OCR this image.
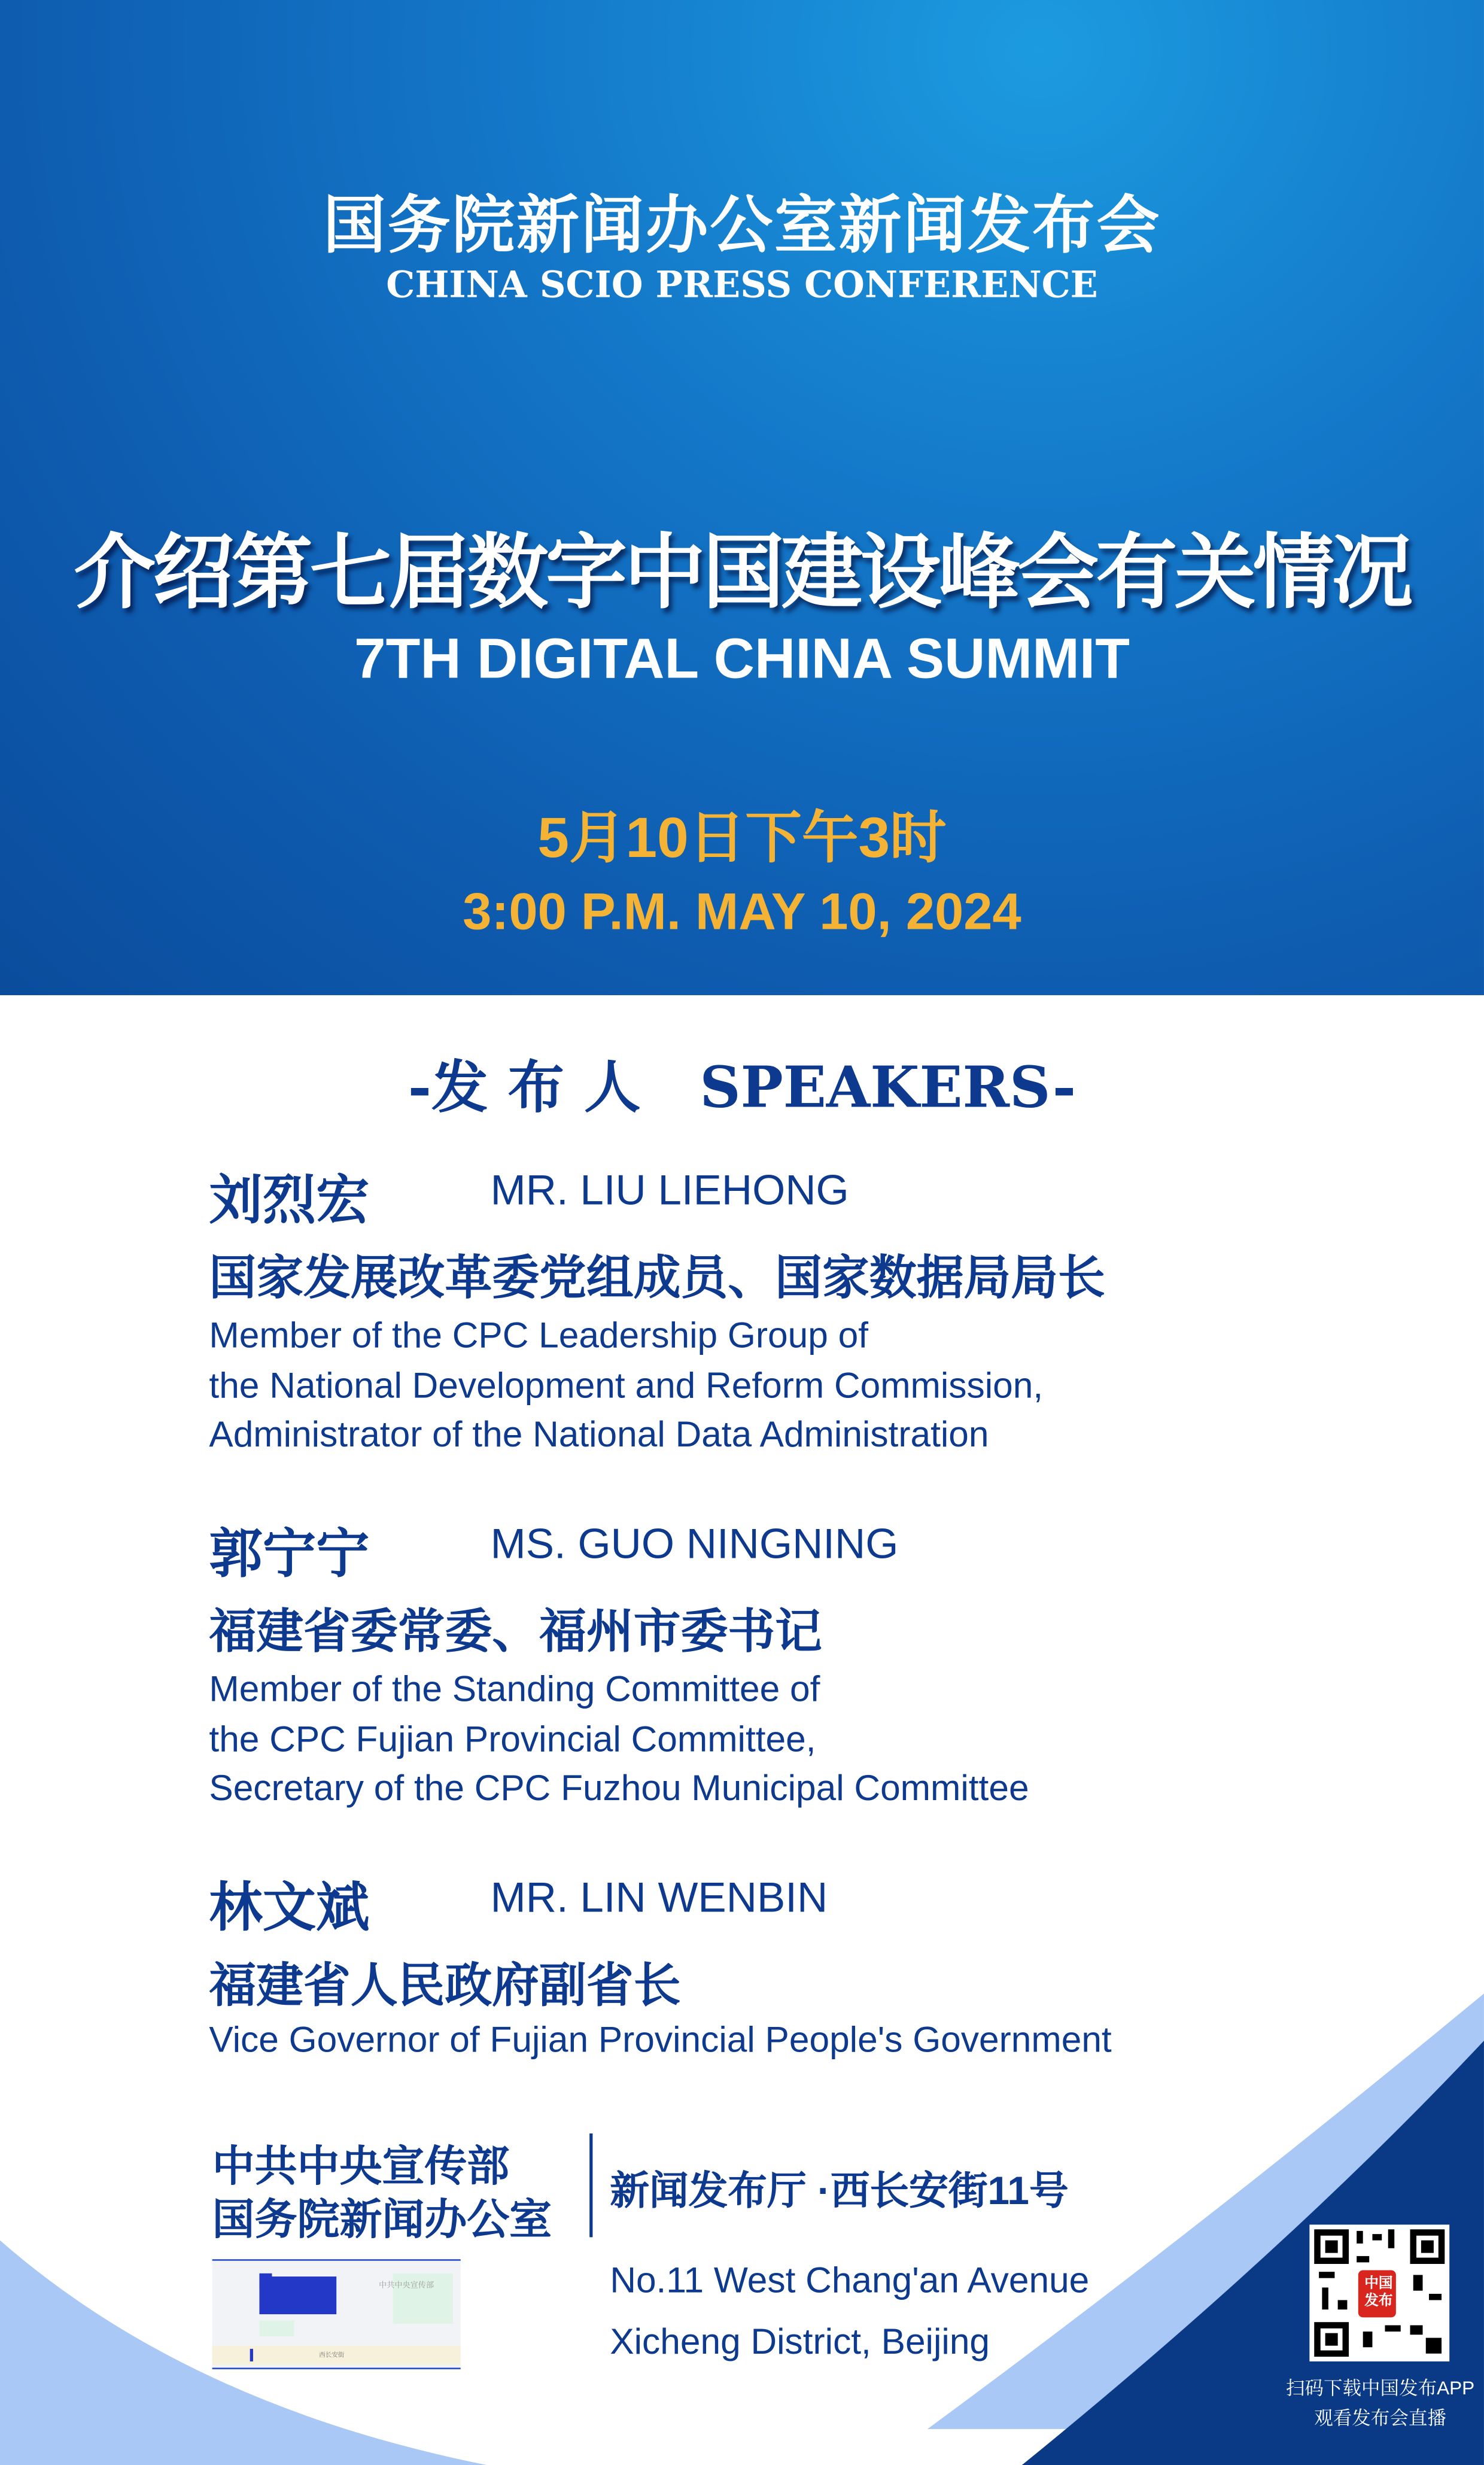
国务院新闻办公室新闻发布会
CHINA SCIO PRESS CONFERENCE
介绍第七届数字中国建设峰会有关情况
7TH DIGITAL CHINA SUMMIT
5月10日下午3时
3:00 P.M. MAY 10, 2024
-发 布 人   SPEAKERS-
刘烈宏	MR. LIU LIEHONG
国家发展改革委党组成员、国家数据局局长
Member of the CPC Leadership Group of
the National Development and Reform Commission,
Administrator of the National Data Administration
郭宁宁	MS. GUO NINGNING
福建省委常委、福州市委书记
Member of the Standing Committee of
the CPC Fujian Provincial Committee,
Secretary of the CPC Fuzhou Municipal Committee
林文斌	MR. LIN WENBIN
福建省人民政府副省长
Vice Governor of Fujian Provincial People's Government
中共中央宣传部
国务院新闻办公室
新闻发布厅 ·西长安街11号
中共中央宣传部
西长安街
No.11 West Chang'an Avenue
Xicheng District, Beijing
中国发布
扫码下载中国发布APP
观看发布会直播
